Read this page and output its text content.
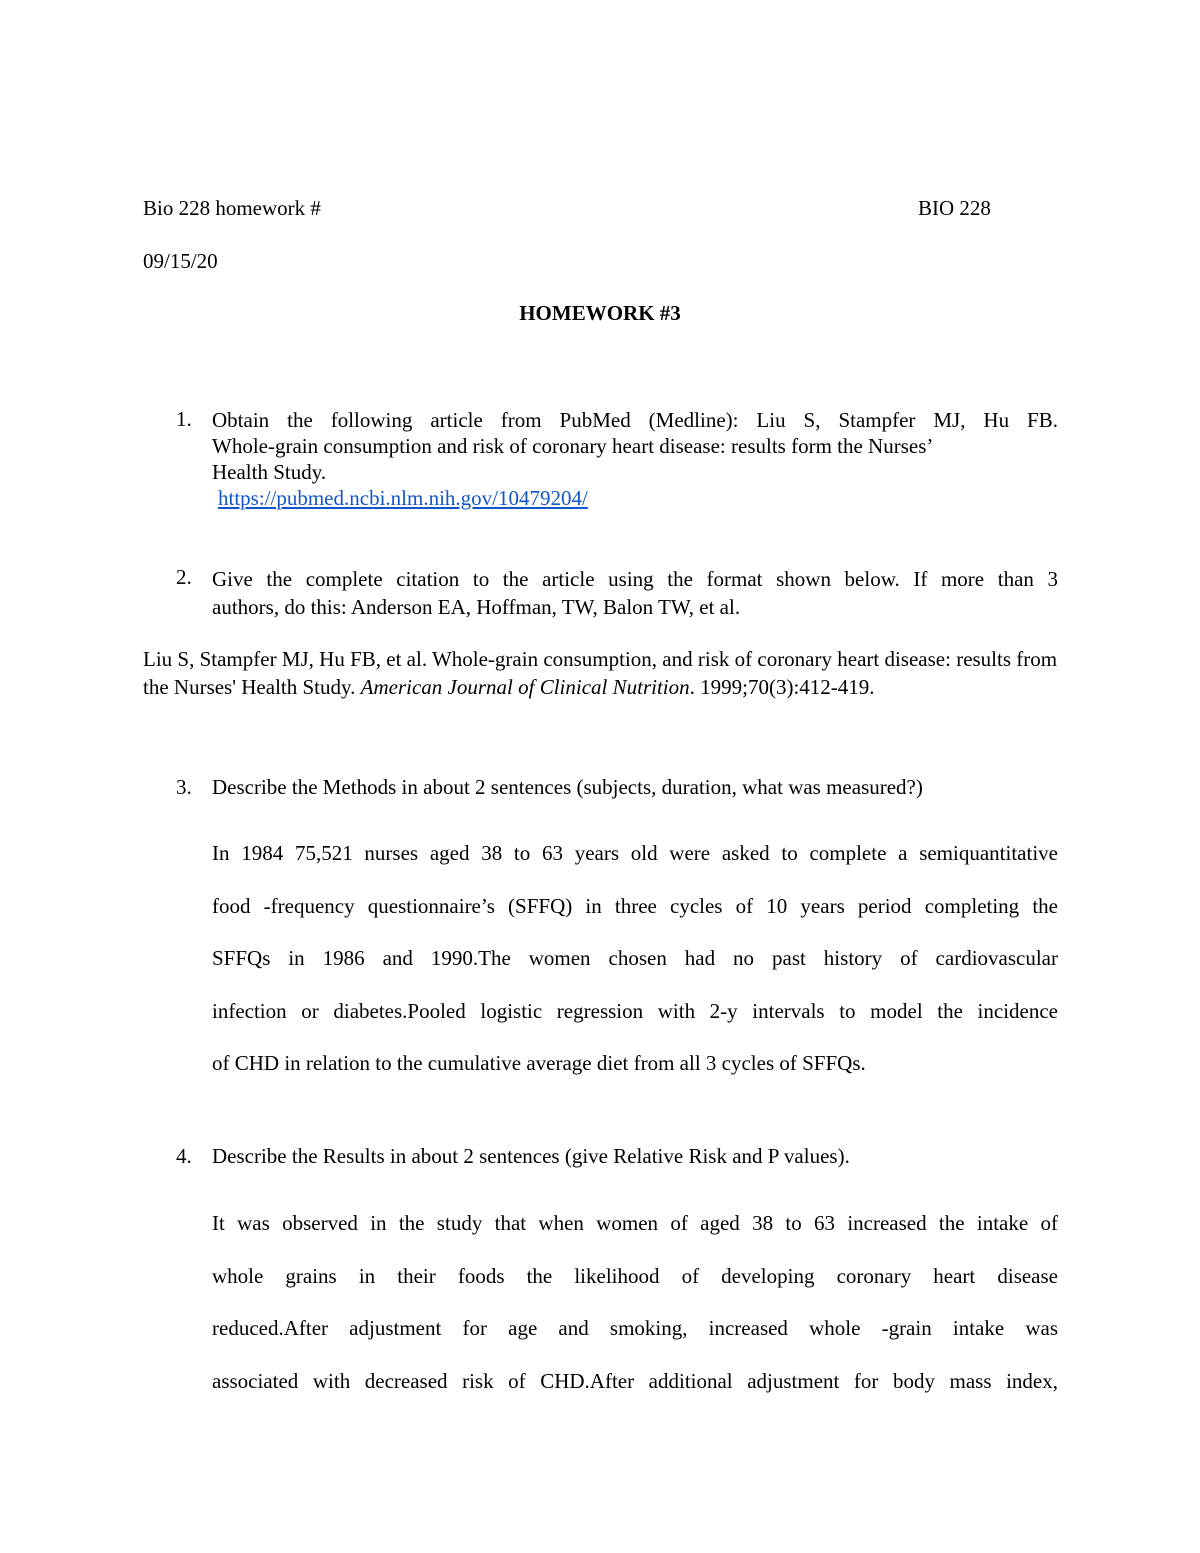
Bio 228 homework #	BIO 228
09/15/20
HOMEWORK #3
1. Obtain the following article from PubMed (Medline): Liu S, Stampfer MJ, Hu FB.
Whole-grain consumption and risk of coronary heart disease: results form the Nurses’
Health Study.
https://pubmed.ncbi.nlm.nih.gov/10479204/
2. Give the complete citation to the article using the format shown below. If more than 3
authors, do this: Anderson EA, Hoffman, TW, Balon TW, et al.
Liu S, Stampfer MJ, Hu FB, et al. Whole-grain consumption, and risk of coronary heart disease: results from the Nurses' Health Study. American Journal of Clinical Nutrition. 1999;70(3):412-419.
3. Describe the Methods in about 2 sentences (subjects, duration, what was measured?)
In 1984 75,521 nurses aged 38 to 63 years old were asked to complete a semiquantitative
food -frequency questionnaire’s (SFFQ) in three cycles of 10 years period completing the
SFFQs in 1986 and 1990.The women chosen had no past history of cardiovascular
infection or diabetes.Pooled logistic regression with 2-y intervals to model the incidence
of CHD in relation to the cumulative average diet from all 3 cycles of SFFQs.
4. Describe the Results in about 2 sentences (give Relative Risk and P values).
It was observed in the study that when women of aged 38 to 63 increased the intake of
whole grains in their foods the likelihood of developing coronary heart disease
reduced.After adjustment for age and smoking, increased whole -grain intake was
associated with decreased risk of CHD.After additional adjustment for body mass index,
